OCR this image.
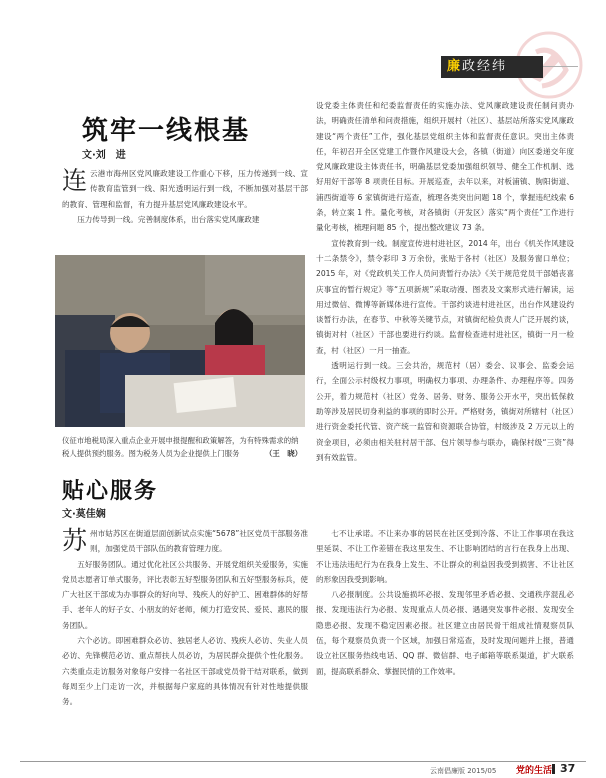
廉政经纬
筑牢一线根基
文·刘　进

连云港市海州区党风廉政建设工作重心下移，压力传递到一线、宣传教育监管到一线、阳光透明运行到一线，不断加强对基层干部的教育、管理和监督，有力提升基层党风廉政建设水平。

压力传导到一线。完善制度体系，出台落实党风廉政建

设党委主体责任和纪委监督责任的实施办法、党风廉政建设责任制问责办法，明确责任清单和问责措施，组织开展村（社区）、基层站所落实党风廉政建设“两个责任”工作，强化基层党组织主体和监督责任意识。突出主体责任，年初召开全区党建工作暨作风建设大会，各镇（街道）向区委递交年度党风廉政建设主体责任书，明确基层党委加强组织领导、健全工作机制、选好用好干部等 8 项责任目标。开展巡查，去年以来，对板浦镇、朐阳街道、浦西街道等 6 家镇街进行巡查，梳理各类突出问题 18 个，掌握违纪线索 6 条，转立案 1 件。量化考核，对各镇街（开发区）落实“两个责任”工作进行量化考核，梳理问题 85 个，提出整改建议 73 条。

宣传教育到一线。制度宣传进村进社区，2014 年，出台《机关作风建设十二条禁令》，禁令彩印 3 万余份，张贴于各村（社区）及服务窗口单位；2015 年，对《党政机关工作人员问责暂行办法》《关于规范党员干部婚丧喜庆事宜的暂行规定》等“五项新规”采取动漫、图表及文案形式进行解读，运用过微信、微博等新媒体进行宣传。干部约谈进村进社区，出台作风建设约谈暂行办法，在春节、中秋等关键节点，对镇街纪检负责人广泛开展约谈，镇街对村（社区）干部也要进行约谈。监督检查进村进社区，镇街一月一检查，村（社区）一月一抽查。

透明运行到一线。三会共治，规范村（居）委会、议事会、监委会运行，全面公示村级权力事项，明确权力事项、办理条件、办理程序等。四务公开，着力规范村（社区）党务、居务、财务、服务公开水平，突出低保救助等涉及居民切身利益的事项的即时公开。严格财务，镇街对所辖村（社区）进行资金委托代管、资产统一监管和资源联合协管，村级涉及 2 万元以上的资金项目，必须由相关驻村居干部、包片领导参与联办，确保村级“三资”得到有效监管。

仪征市地税局深入重点企业开展申报提醒和政策解答，为有特殊需求的纳税人提供预约服务。图为税务人员为企业提供上门服务	（王　晓）
贴心服务
文·莫佳娴

苏州市姑苏区在街道层面创新试点实施“5678”社区党员干部服务准则，加强党员干部队伍的教育管理力度。

五好服务团队。通过优化社区公共服务、开展党组织关爱服务，实施党员志愿者订单式服务，评比表彰五好型服务团队和五好型服务标兵，使广大社区干部成为办事群众的好向导、残疾人的好护工、困难群体的好帮手、老年人的好子女、小朋友的好老师，倾力打造安民、爱民、惠民的服务团队。

六个必访。即困难群众必访、独居老人必访、残疾人必访、失业人员必访、先锋模范必访、重点帮扶人员必访，为居民群众提供个性化服务。六类重点走访服务对象每户安排一名社区干部或党员骨干结对联系，做到每周至少上门走访一次，并根据每户家庭的具体情况有针对性地提供服务。

七不让承诺。不让来办事的居民在社区受到冷落、不让工作事项在我这里延误、不让工作差错在我这里发生、不让影响团结的言行在我身上出现、不让违法违纪行为在我身上发生、不让群众的利益因我受到损害、不让社区的形象因我受到影响。

八必报制度。公共设施损坏必报、发现邻里矛盾必报、交通秩序混乱必报、发现违法行为必报、发现重点人员必报、遇遇突发事件必报、发现安全隐患必报、发现不稳定因素必报。社区建立由居民骨干组成社情观察员队伍，每个观察员负责一个区域，加强日常巡查，及时发现问题并上报，普通设立社区服务热线电话、QQ 群、微信群、电子邮箱等联系渠道，扩大联系面，提高联系群众、掌握民情的工作效率。

云南倡廉版 2015/05 党的生活 37
